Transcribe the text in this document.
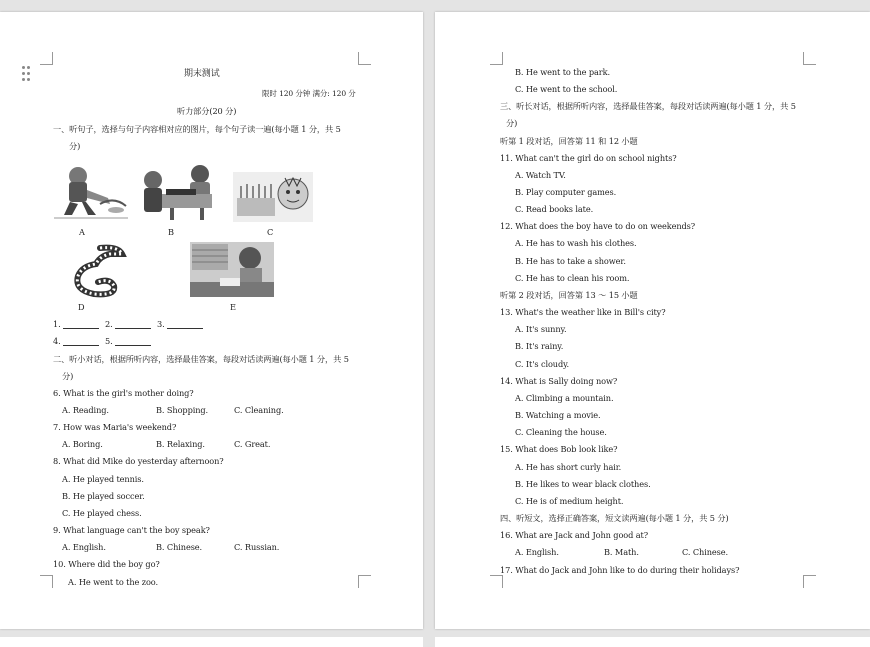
期末测试
限时 120 分钟 满分: 120 分
听力部分(20 分)
一、听句子，选择与句子内容相对应的图片，每个句子读一遍(每小题 1 分，共 5
分)
A	B	C
D	E
1.	2.	3.
4.	5.
二、听小对话，根据所听内容，选择最佳答案，每段对话读两遍(每小题 1 分，共 5
分)
6. What is the girl's mother doing?
A. Reading.	B. Shopping.	C. Cleaning.
7. How was Maria's weekend?
A. Boring.	B. Relaxing.	C. Great.
8. What did Mike do yesterday afternoon?
A. He played tennis.
B. He played soccer.
C. He played chess.
9. What language can't the boy speak?
A. English.	B. Chinese.	C. Russian.
10. Where did the boy go?
A. He went to the zoo.
B. He went to the park.
C. He went to the school.
三、听长对话，根据所听内容，选择最佳答案，每段对话读两遍(每小题 1 分，共 5
分)
听第 1 段对话，回答第 11 和 12 小题
11. What can't the girl do on school nights?
A. Watch TV.
B. Play computer games.
C. Read books late.
12. What does the boy have to do on weekends?
A. He has to wash his clothes.
B. He has to take a shower.
C. He has to clean his room.
听第 2 段对话，回答第 13 ～ 15 小题
13. What's the weather like in Bill's city?
A. It's sunny.
B. It's rainy.
C. It's cloudy.
14. What is Sally doing now?
A. Climbing a mountain.
B. Watching a movie.
C. Cleaning the house.
15. What does Bob look like?
A. He has short curly hair.
B. He likes to wear black clothes.
C. He is of medium height.
四、听短文，选择正确答案，短文读两遍(每小题 1 分，共 5 分)
16. What are Jack and John good at?
A. English.	B. Math.	C. Chinese.
17. What do Jack and John like to do during their holidays?
